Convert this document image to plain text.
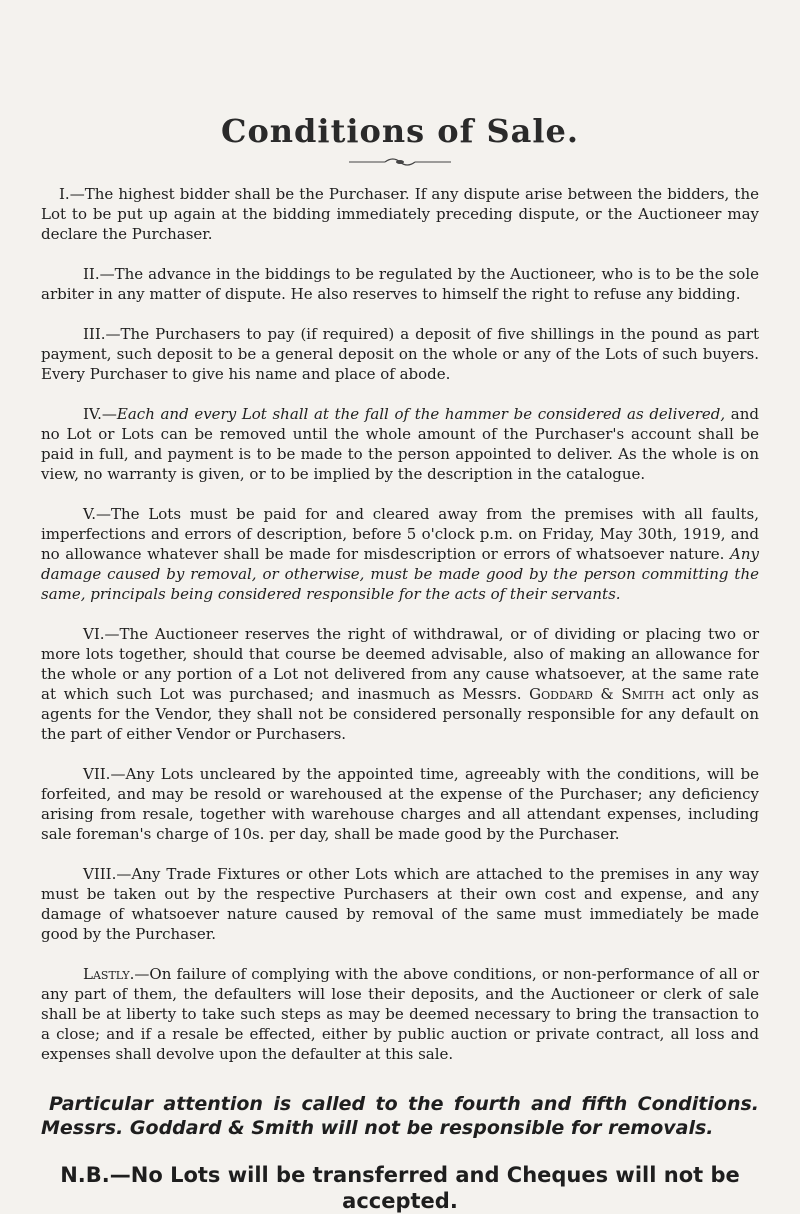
Conditions of Sale.

I.—The highest bidder shall be the Purchaser. If any dispute arise between the bidders, the Lot to be put up again at the bidding immediately preceding dispute, or the Auctioneer may declare the Purchaser.

II.—The advance in the biddings to be regulated by the Auctioneer, who is to be the sole arbiter in any matter of dispute. He also reserves to himself the right to refuse any bidding.

III.—The Purchasers to pay (if required) a deposit of five shillings in the pound as part payment, such deposit to be a general deposit on the whole or any of the Lots of such buyers. Every Purchaser to give his name and place of abode.

IV.—Each and every Lot shall at the fall of the hammer be considered as delivered, and no Lot or Lots can be removed until the whole amount of the Purchaser's account shall be paid in full, and payment is to be made to the person appointed to deliver. As the whole is on view, no warranty is given, or to be implied by the description in the catalogue.

V.—The Lots must be paid for and cleared away from the premises with all faults, imperfections and errors of description, before 5 o'clock p.m. on Friday, May 30th, 1919, and no allowance whatever shall be made for misdescription or errors of whatsoever nature. Any damage caused by removal, or otherwise, must be made good by the person committing the same, principals being considered responsible for the acts of their servants.

VI.—The Auctioneer reserves the right of withdrawal, or of dividing or placing two or more lots together, should that course be deemed advisable, also of making an allowance for the whole or any portion of a Lot not delivered from any cause whatsoever, at the same rate at which such Lot was purchased; and inasmuch as Messrs. Goddard & Smith act only as agents for the Vendor, they shall not be considered personally responsible for any default on the part of either Vendor or Purchasers.

VII.—Any Lots uncleared by the appointed time, agreeably with the conditions, will be forfeited, and may be resold or warehoused at the expense of the Purchaser; any deficiency arising from resale, together with warehouse charges and all attendant expenses, including sale foreman's charge of 10s. per day, shall be made good by the Purchaser.

VIII.—Any Trade Fixtures or other Lots which are attached to the premises in any way must be taken out by the respective Purchasers at their own cost and expense, and any damage of whatsoever nature caused by removal of the same must immediately be made good by the Purchaser.

Lastly.—On failure of complying with the above conditions, or non-performance of all or any part of them, the defaulters will lose their deposits, and the Auctioneer or clerk of sale shall be at liberty to take such steps as may be deemed necessary to bring the transaction to a close; and if a resale be effected, either by public auction or private contract, all loss and expenses shall devolve upon the defaulter at this sale.

Particular attention is called to the fourth and fifth Conditions. Messrs. Goddard & Smith will not be responsible for removals.

N.B.—No Lots will be transferred and Cheques will not be accepted.
